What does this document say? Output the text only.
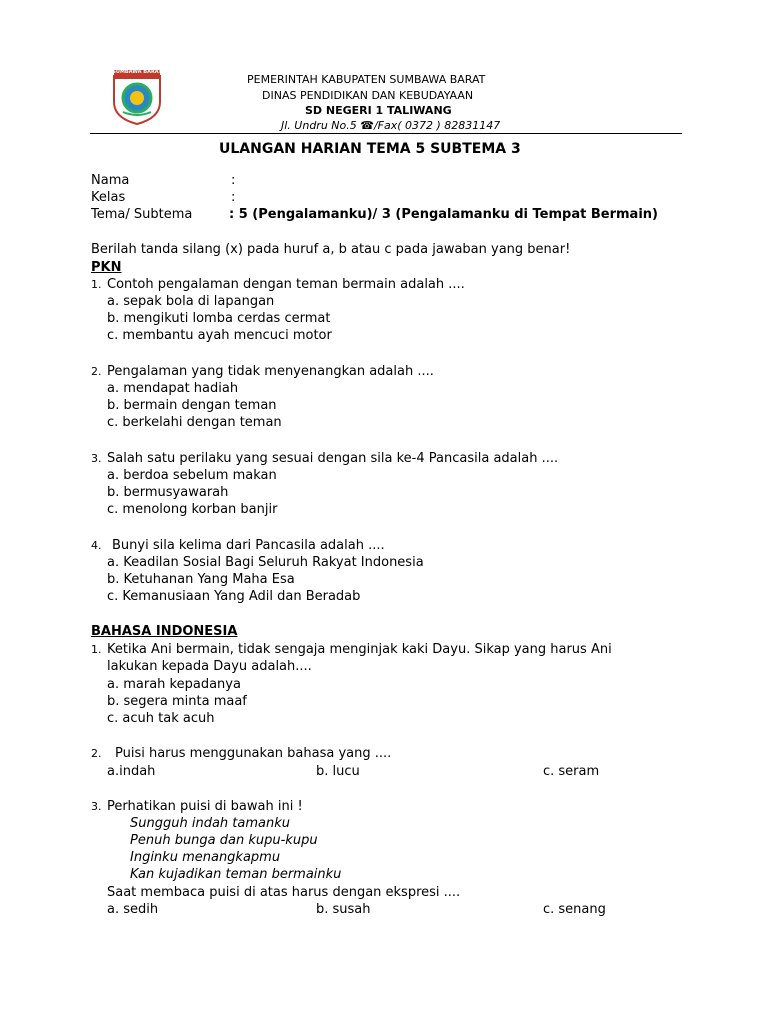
SUMBAWA BARAT
PEMERINTAH KABUPATEN SUMBAWA BARAT
DINAS PENDIDIKAN DAN KEBUDAYAAN
SD NEGERI 1 TALIWANG
Jl. Undru No.5 ☎/Fax( 0372 ) 82831147
ULANGAN HARIAN TEMA 5 SUBTEMA 3
Nama	:
Kelas	:
Tema/ Subtema	: 5 (Pengalamanku)/ 3 (Pengalamanku di Tempat Bermain)
Berilah tanda silang (x) pada huruf a, b atau c pada jawaban yang benar!
PKN
1. Contoh pengalaman dengan teman bermain adalah ....
a. sepak bola di lapangan
b. mengikuti lomba cerdas cermat
c. membantu ayah mencuci motor
2. Pengalaman yang tidak menyenangkan adalah ....
a. mendapat hadiah
b. bermain dengan teman
c. berkelahi dengan teman
3. Salah satu perilaku yang sesuai dengan sila ke-4 Pancasila adalah ....
a. berdoa sebelum makan
b. bermusyawarah
c. menolong korban banjir
4. Bunyi sila kelima dari Pancasila adalah ....
a. Keadilan Sosial Bagi Seluruh Rakyat Indonesia
b. Ketuhanan Yang Maha Esa
c. Kemanusiaan Yang Adil dan Beradab
BAHASA INDONESIA
1. Ketika Ani bermain, tidak sengaja menginjak kaki Dayu. Sikap yang harus Ani
lakukan kepada Dayu adalah....
a. marah kepadanya
b. segera minta maaf
c. acuh tak acuh
2. Puisi harus menggunakan bahasa yang ....
a.indah	b. lucu	c. seram
3. Perhatikan puisi di bawah ini !
Sungguh indah tamanku
Penuh bunga dan kupu-kupu
Inginku menangkapmu
Kan kujadikan teman bermainku
Saat membaca puisi di atas harus dengan ekspresi ....
a. sedih	b. susah	c. senang
